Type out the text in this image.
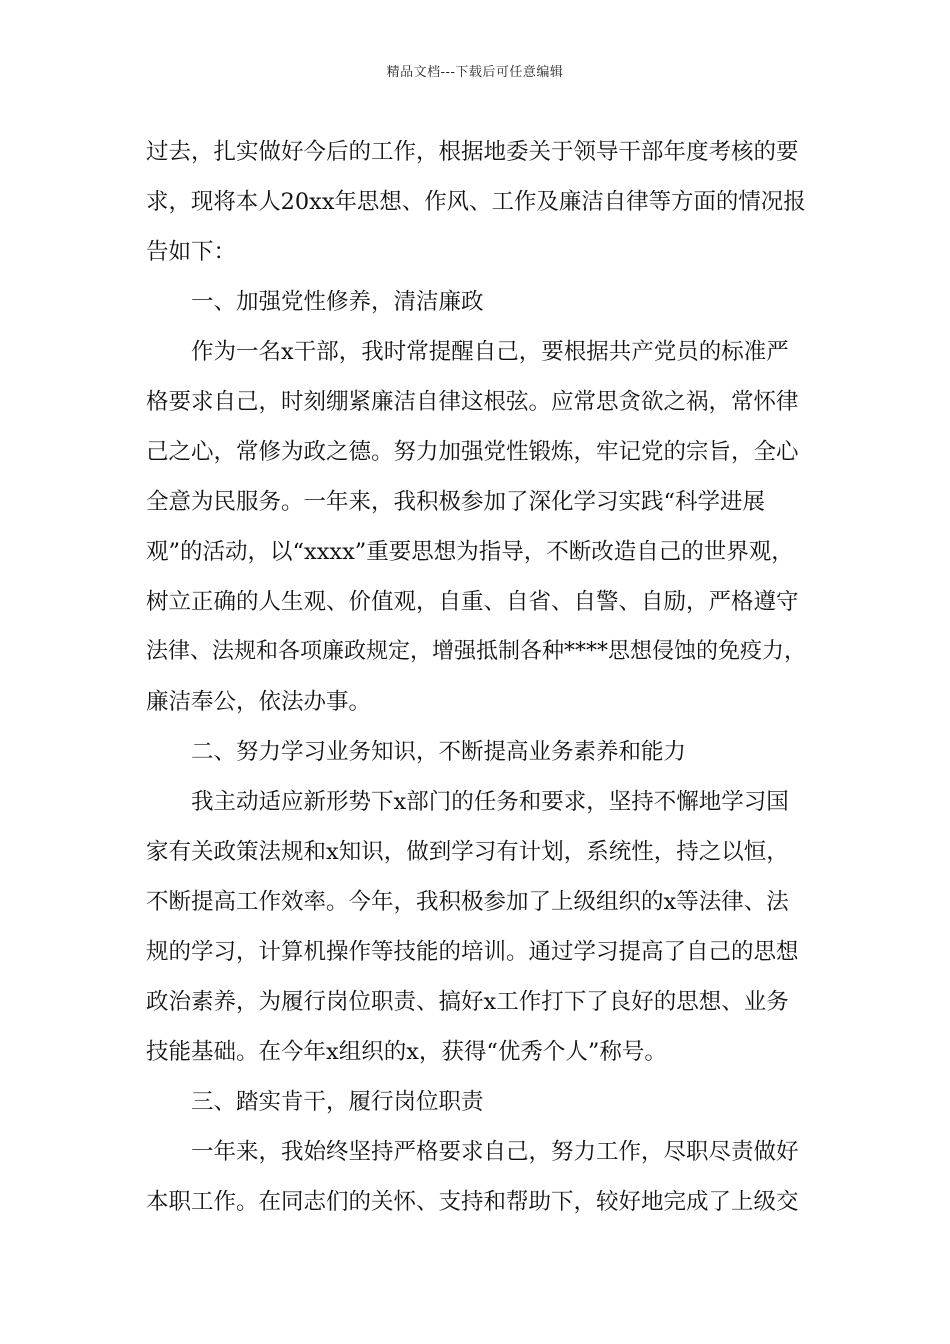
精品文档---下载后可任意编辑
过去，扎实做好今后的工作，根据地委关于领导干部年度考核的要
求，现将本人20xx年思想、作风、工作及廉洁自律等方面的情况报
告如下：
一、加强党性修养，清洁廉政
作为一名x干部，我时常提醒自己，要根据共产党员的标准严
格要求自己，时刻绷紧廉洁自律这根弦。应常思贪欲之祸，常怀律
己之心，常修为政之德。努力加强党性锻炼，牢记党的宗旨，全心
全意为民服务。一年来，我积极参加了深化学习实践“科学进展
观”的活动，以“xxxx”重要思想为指导，不断改造自己的世界观，
树立正确的人生观、价值观，自重、自省、自警、自励，严格遵守
法律、法规和各项廉政规定，增强抵制各种****思想侵蚀的免疫力，
廉洁奉公，依法办事。
二、努力学习业务知识，不断提高业务素养和能力
我主动适应新形势下x部门的任务和要求，坚持不懈地学习国
家有关政策法规和x知识，做到学习有计划，系统性，持之以恒，
不断提高工作效率。今年，我积极参加了上级组织的x等法律、法
规的学习，计算机操作等技能的培训。通过学习提高了自己的思想
政治素养，为履行岗位职责、搞好x工作打下了良好的思想、业务
技能基础。在今年x组织的x，获得“优秀个人”称号。
三、踏实肯干，履行岗位职责
一年来，我始终坚持严格要求自己，努力工作，尽职尽责做好
本职工作。在同志们的关怀、支持和帮助下，较好地完成了上级交
